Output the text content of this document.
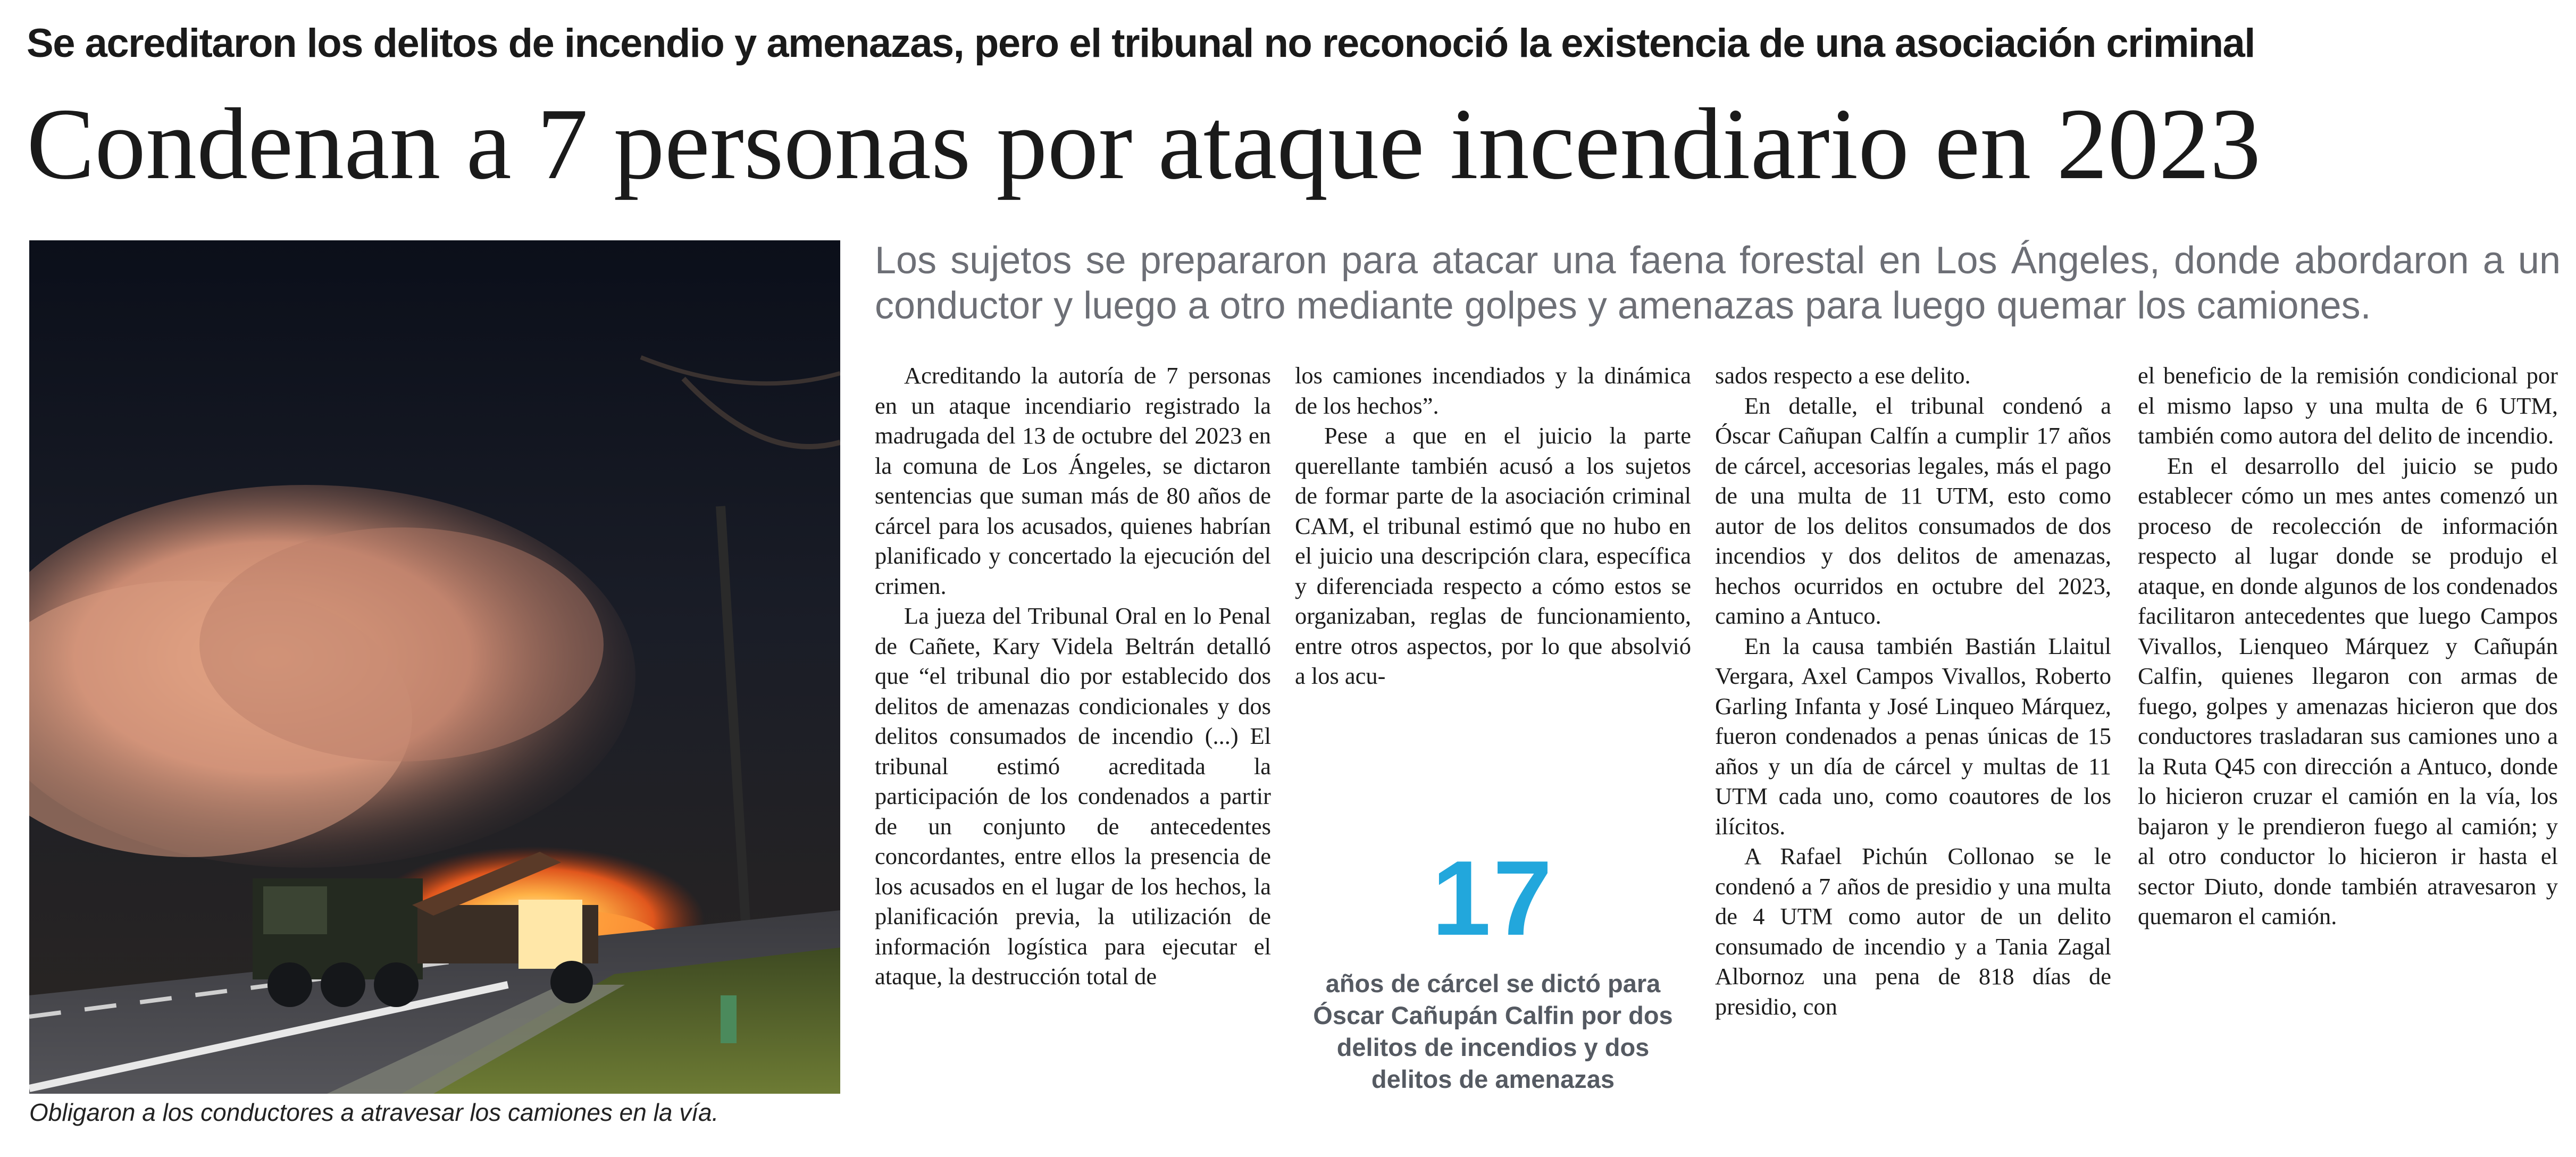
Se acreditaron los delitos de incendio y amenazas, pero el tribunal no reconoció la existencia de una asociación criminal
Condenan a 7 personas por ataque incendiario en 2023
Obligaron a los conductores a atravesar los camiones en la vía.
Los sujetos se prepararon para atacar una faena forestal en Los Ángeles, donde abordaron a un conductor y luego a otro mediante golpes y amenazas para luego quemar los camiones.

Acreditando la autoría de 7 personas en un ataque incendiario registrado la madrugada del 13 de octubre del 2023 en la comuna de Los Ángeles, se dictaron sentencias que suman más de 80 años de cárcel para los acusados, quienes habrían planificado y concertado la ejecución del crimen.

La jueza del Tribunal Oral en lo Penal de Cañete, Kary Videla Beltrán detalló que “el tribunal dio por establecido dos delitos de amenazas condicionales y dos delitos consumados de incendio (...) El tribunal estimó acreditada la participación de los condenados a partir de un conjunto de antecedentes concordantes, entre ellos la presencia de los acusados en el lugar de los hechos, la planificación previa, la utilización de información logística para ejecutar el ataque, la destrucción total de

los camiones incendiados y la dinámica de los hechos”.

Pese a que en el juicio la parte querellante también acusó a los sujetos de formar parte de la asociación criminal CAM, el tribunal estimó que no hubo en el juicio una descripción clara, específica y diferenciada respecto a cómo estos se organizaban, reglas de funcionamiento, entre otros aspectos, por lo que absolvió a los acu-

17
años de cárcel se dictó para Óscar Cañupán Calfin por dos delitos de incendios y dos delitos de amenazas

sados respecto a ese delito.

En detalle, el tribunal condenó a Óscar Cañupan Calfín a cumplir 17 años de cárcel, accesorias legales, más el pago de una multa de 11 UTM, esto como autor de los delitos consumados de dos incendios y dos delitos de amenazas, hechos ocurridos en octubre del 2023, camino a Antuco.

En la causa también Bastián Llaitul Vergara, Axel Campos Vivallos, Roberto Garling Infanta y José Linqueo Márquez, fueron condenados a penas únicas de 15 años y un día de cárcel y multas de 11 UTM cada uno, como coautores de los ilícitos.

A Rafael Pichún Collonao se le condenó a 7 años de presidio y una multa de 4 UTM como autor de un delito consumado de incendio y a Tania Zagal Albornoz una pena de 818 días de presidio, con

el beneficio de la remisión condicional por el mismo lapso y una multa de 6 UTM, también como autora del delito de incendio.

En el desarrollo del juicio se pudo establecer cómo un mes antes comenzó un proceso de recolección de información respecto al lugar donde se produjo el ataque, en donde algunos de los condenados facilitaron antecedentes que luego Campos Vivallos, Lienqueo Márquez y Cañupán Calfin, quienes llegaron con armas de fuego, golpes y amenazas hicieron que dos conductores trasladaran sus camiones uno a la Ruta Q45 con dirección a Antuco, donde lo hicieron cruzar el camión en la vía, los bajaron y le prendieron fuego al camión; y al otro conductor lo hicieron ir hasta el sector Diuto, donde también atravesaron y quemaron el camión.
